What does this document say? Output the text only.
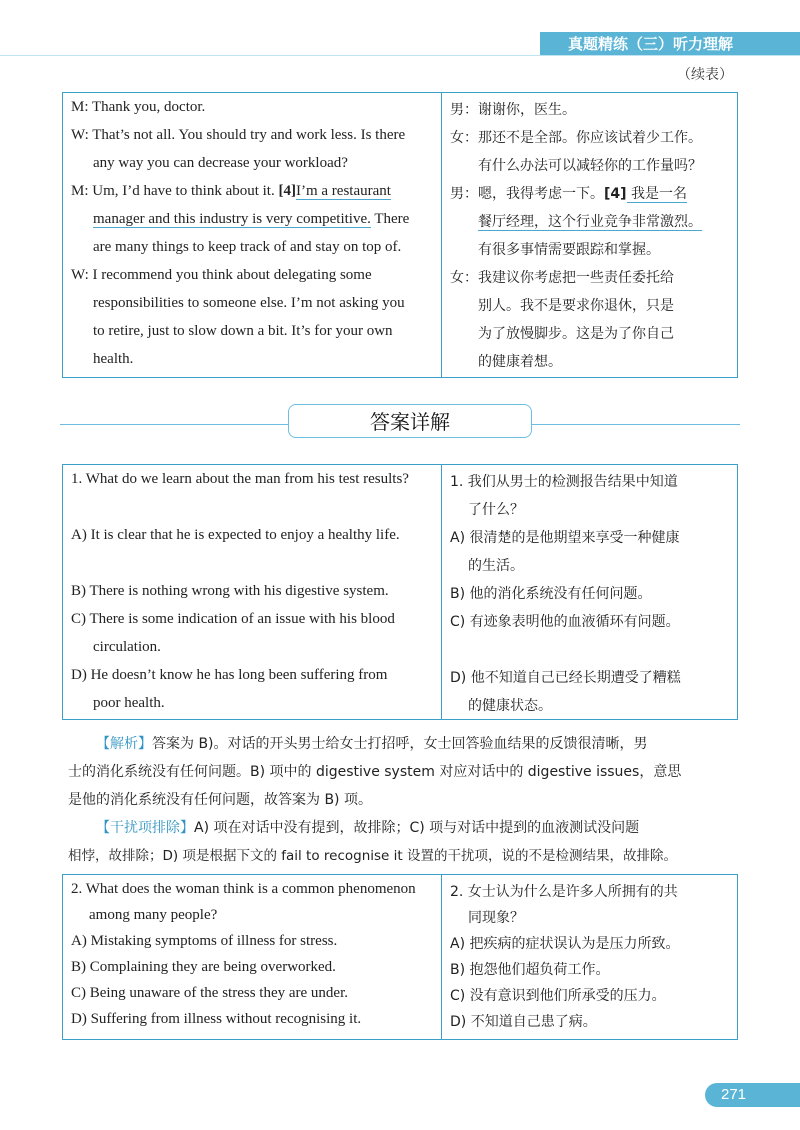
真题精练（三）听力理解
（续表）
M: Thank you, doctor.
W: That’s not all. You should try and work less. Is there
any way you can decrease your workload?
M: Um, I’d have to think about it. [4]I’m a restaurant
manager and this industry is very competitive. There
are many things to keep track of and stay on top of.
W: I recommend you think about delegating some
responsibilities to someone else. I’m not asking you
to retire, just to slow down a bit. It’s for your own
health.

男：谢谢你，医生。
女：那还不是全部。你应该试着少工作。
有什么办法可以减轻你的工作量吗？
男：嗯，我得考虑一下。[4] 我是一名
餐厅经理，这个行业竞争非常激烈。
有很多事情需要跟踪和掌握。
女：我建议你考虑把一些责任委托给
别人。我不是要求你退休，只是
为了放慢脚步。这是为了你自己
的健康着想。
答案详解
1. What do we learn about the man from his test results?
A) It is clear that he is expected to enjoy a healthy life.
B) There is nothing wrong with his digestive system.
C) There is some indication of an issue with his blood
circulation.
D) He doesn’t know he has long been suffering from
poor health.

1. 我们从男士的检测报告结果中知道
了什么？
A) 很清楚的是他期望来享受一种健康
的生活。
B) 他的消化系统没有任何问题。
C) 有迹象表明他的血液循环有问题。
D) 他不知道自己已经长期遭受了糟糕
的健康状态。
【解析】答案为 B)。对话的开头男士给女士打招呼，女士回答验血结果的反馈很清晰，男
士的消化系统没有任何问题。B) 项中的 digestive system 对应对话中的 digestive issues，意思
是他的消化系统没有任何问题，故答案为 B) 项。
【干扰项排除】A) 项在对话中没有提到，故排除；C) 项与对话中提到的血液测试没问题
相悖，故排除；D) 项是根据下文的 fail to recognise it 设置的干扰项，说的不是检测结果，故排除。
2. What does the woman think is a common phenomenon
among many people?
A) Mistaking symptoms of illness for stress.
B) Complaining they are being overworked.
C) Being unaware of the stress they are under.
D) Suffering from illness without recognising it.

2. 女士认为什么是许多人所拥有的共
同现象？
A) 把疾病的症状误认为是压力所致。
B) 抱怨他们超负荷工作。
C) 没有意识到他们所承受的压力。
D) 不知道自己患了病。
271
